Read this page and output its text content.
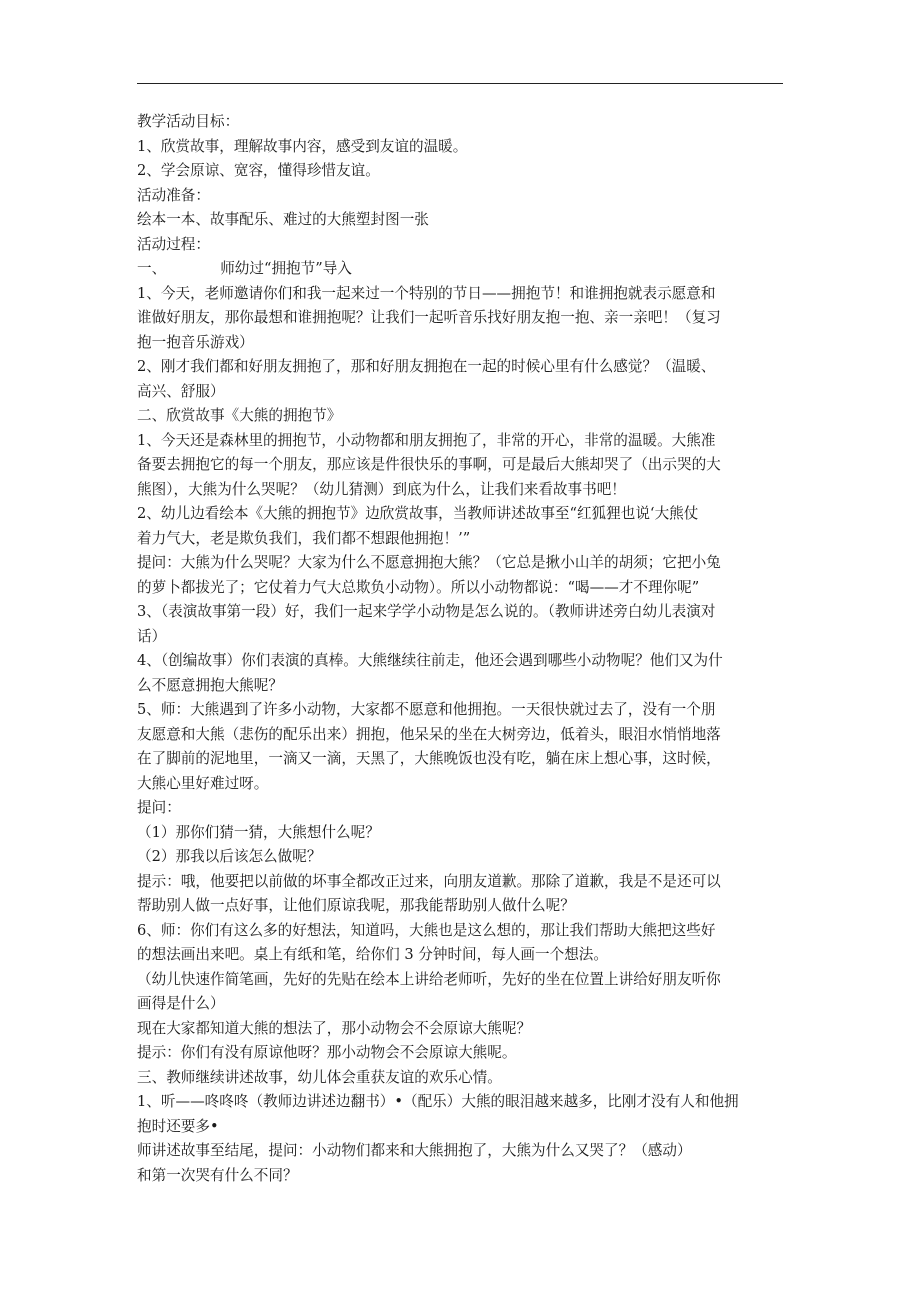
教学活动目标：

1、欣赏故事，理解故事内容，感受到友谊的温暖。

2、学会原谅、宽容，懂得珍惜友谊。

活动准备：

绘本一本、故事配乐、难过的大熊塑封图一张

活动过程：

一、	师幼过“拥抱节”导入

1、今天，老师邀请你们和我一起来过一个特别的节日——拥抱节！和谁拥抱就表示愿意和

谁做好朋友，那你最想和谁拥抱呢？让我们一起听音乐找好朋友抱一抱、亲一亲吧！（复习

抱一抱音乐游戏）

2、刚才我们都和好朋友拥抱了，那和好朋友拥抱在一起的时候心里有什么感觉？（温暖、

高兴、舒服）

二、欣赏故事《大熊的拥抱节》

1、今天还是森林里的拥抱节，小动物都和朋友拥抱了，非常的开心，非常的温暖。大熊准

备要去拥抱它的每一个朋友，那应该是件很快乐的事啊，可是最后大熊却哭了（出示哭的大

熊图），大熊为什么哭呢？（幼儿猜测）到底为什么，让我们来看故事书吧！

2、幼儿边看绘本《大熊的拥抱节》边欣赏故事，当教师讲述故事至“红狐狸也说‘大熊仗

着力气大，老是欺负我们，我们都不想跟他拥抱！’”

提问：大熊为什么哭呢？大家为什么不愿意拥抱大熊？（它总是揪小山羊的胡须；它把小兔

的萝卜都拔光了；它仗着力气大总欺负小动物）。所以小动物都说：“喝——才不理你呢”

3、（表演故事第一段）好，我们一起来学学小动物是怎么说的。（教师讲述旁白幼儿表演对

话）

4、（创编故事）你们表演的真棒。大熊继续往前走，他还会遇到哪些小动物呢？他们又为什

么不愿意拥抱大熊呢？

5、师：大熊遇到了许多小动物，大家都不愿意和他拥抱。一天很快就过去了，没有一个朋

友愿意和大熊（悲伤的配乐出来）拥抱，他呆呆的坐在大树旁边，低着头，眼泪水悄悄地落

在了脚前的泥地里，一滴又一滴，天黑了，大熊晚饭也没有吃，躺在床上想心事，这时候，

大熊心里好难过呀。

提问：

（1）那你们猜一猜，大熊想什么呢？

（2）那我以后该怎么做呢？

提示：哦，他要把以前做的坏事全都改正过来，向朋友道歉。那除了道歉，我是不是还可以

帮助别人做一点好事，让他们原谅我呢，那我能帮助别人做什么呢？

6、师：你们有这么多的好想法，知道吗，大熊也是这么想的，那让我们帮助大熊把这些好

的想法画出来吧。桌上有纸和笔，给你们 3 分钟时间，每人画一个想法。

（幼儿快速作简笔画，先好的先贴在绘本上讲给老师听，先好的坐在位置上讲给好朋友听你

画得是什么）

现在大家都知道大熊的想法了，那小动物会不会原谅大熊呢？

提示：你们有没有原谅他呀？那小动物会不会原谅大熊呢。

三、教师继续讲述故事，幼儿体会重获友谊的欢乐心情。

1、听——咚咚咚（教师边讲述边翻书）•（配乐）大熊的眼泪越来越多，比刚才没有人和他拥

抱时还要多•

师讲述故事至结尾，提问：小动物们都来和大熊拥抱了，大熊为什么又哭了？（感动）

和第一次哭有什么不同？
